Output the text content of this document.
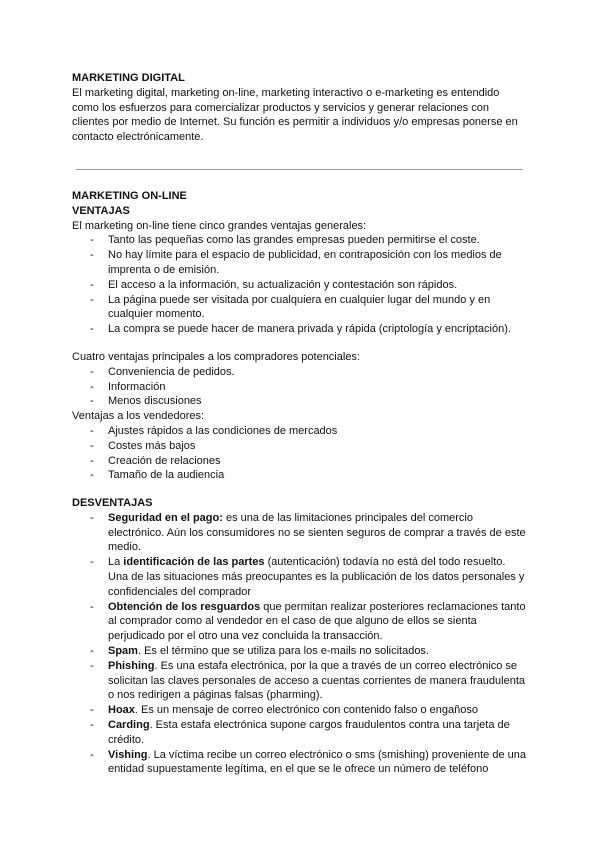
MARKETING DIGITAL

El marketing digital, marketing on-line, marketing interactivo o e-marketing es entendido como los esfuerzos para comercializar productos y servicios y generar relaciones con clientes por medio de Internet. Su función es permitir a individuos y/o empresas ponerse en contacto electrónicamente.

MARKETING ON-LINE
VENTAJAS

El marketing on-line tiene cinco grandes ventajas generales:

- Tanto las pequeñas como las grandes empresas pueden permitirse el coste.
- No hay límite para el espacio de publicidad, en contraposición con los medios de imprenta o de emisión.
- El acceso a la información, su actualización y contestación son rápidos.
- La página puede ser visitada por cualquiera en cualquier lugar del mundo y en cualquier momento.
- La compra se puede hacer de manera privada y rápida (criptología y encriptación).

Cuatro ventajas principales a los compradores potenciales:

- Conveniencia de pedidos.
- Información
- Menos discusiones

Ventajas a los vendedores:

- Ajustes rápidos a las condiciones de mercados
- Costes más bajos
- Creación de relaciones
- Tamaño de la audiencia
DESVENTAJAS
- Seguridad en el pago: es una de las limitaciones principales del comercio electrónico. Aún los consumidores no se sienten seguros de comprar a través de este medio.
- La identificación de las partes (autenticación) todavía no está del todo resuelto. Una de las situaciones más preocupantes es la publicación de los datos personales y confidenciales del comprador
- Obtención de los resguardos que permitan realizar posteriores reclamaciones tanto al comprador como al vendedor en el caso de que alguno de ellos se sienta perjudicado por el otro una vez concluida la transacción.
- Spam. Es el término que se utiliza para los e-mails no solicitados.
- Phishing. Es una estafa electrónica, por la que a través de un correo electrónico se solicitan las claves personales de acceso a cuentas corrientes de manera fraudulenta o nos redirigen a páginas falsas (pharming).
- Hoax. Es un mensaje de correo electrónico con contenido falso o engañoso
- Carding. Esta estafa electrónica supone cargos fraudulentos contra una tarjeta de crédito.
- Vishing. La víctima recibe un correo electrónico o sms (smishing) proveniente de una entidad supuestamente legítima, en el que se le ofrece un número de teléfono
